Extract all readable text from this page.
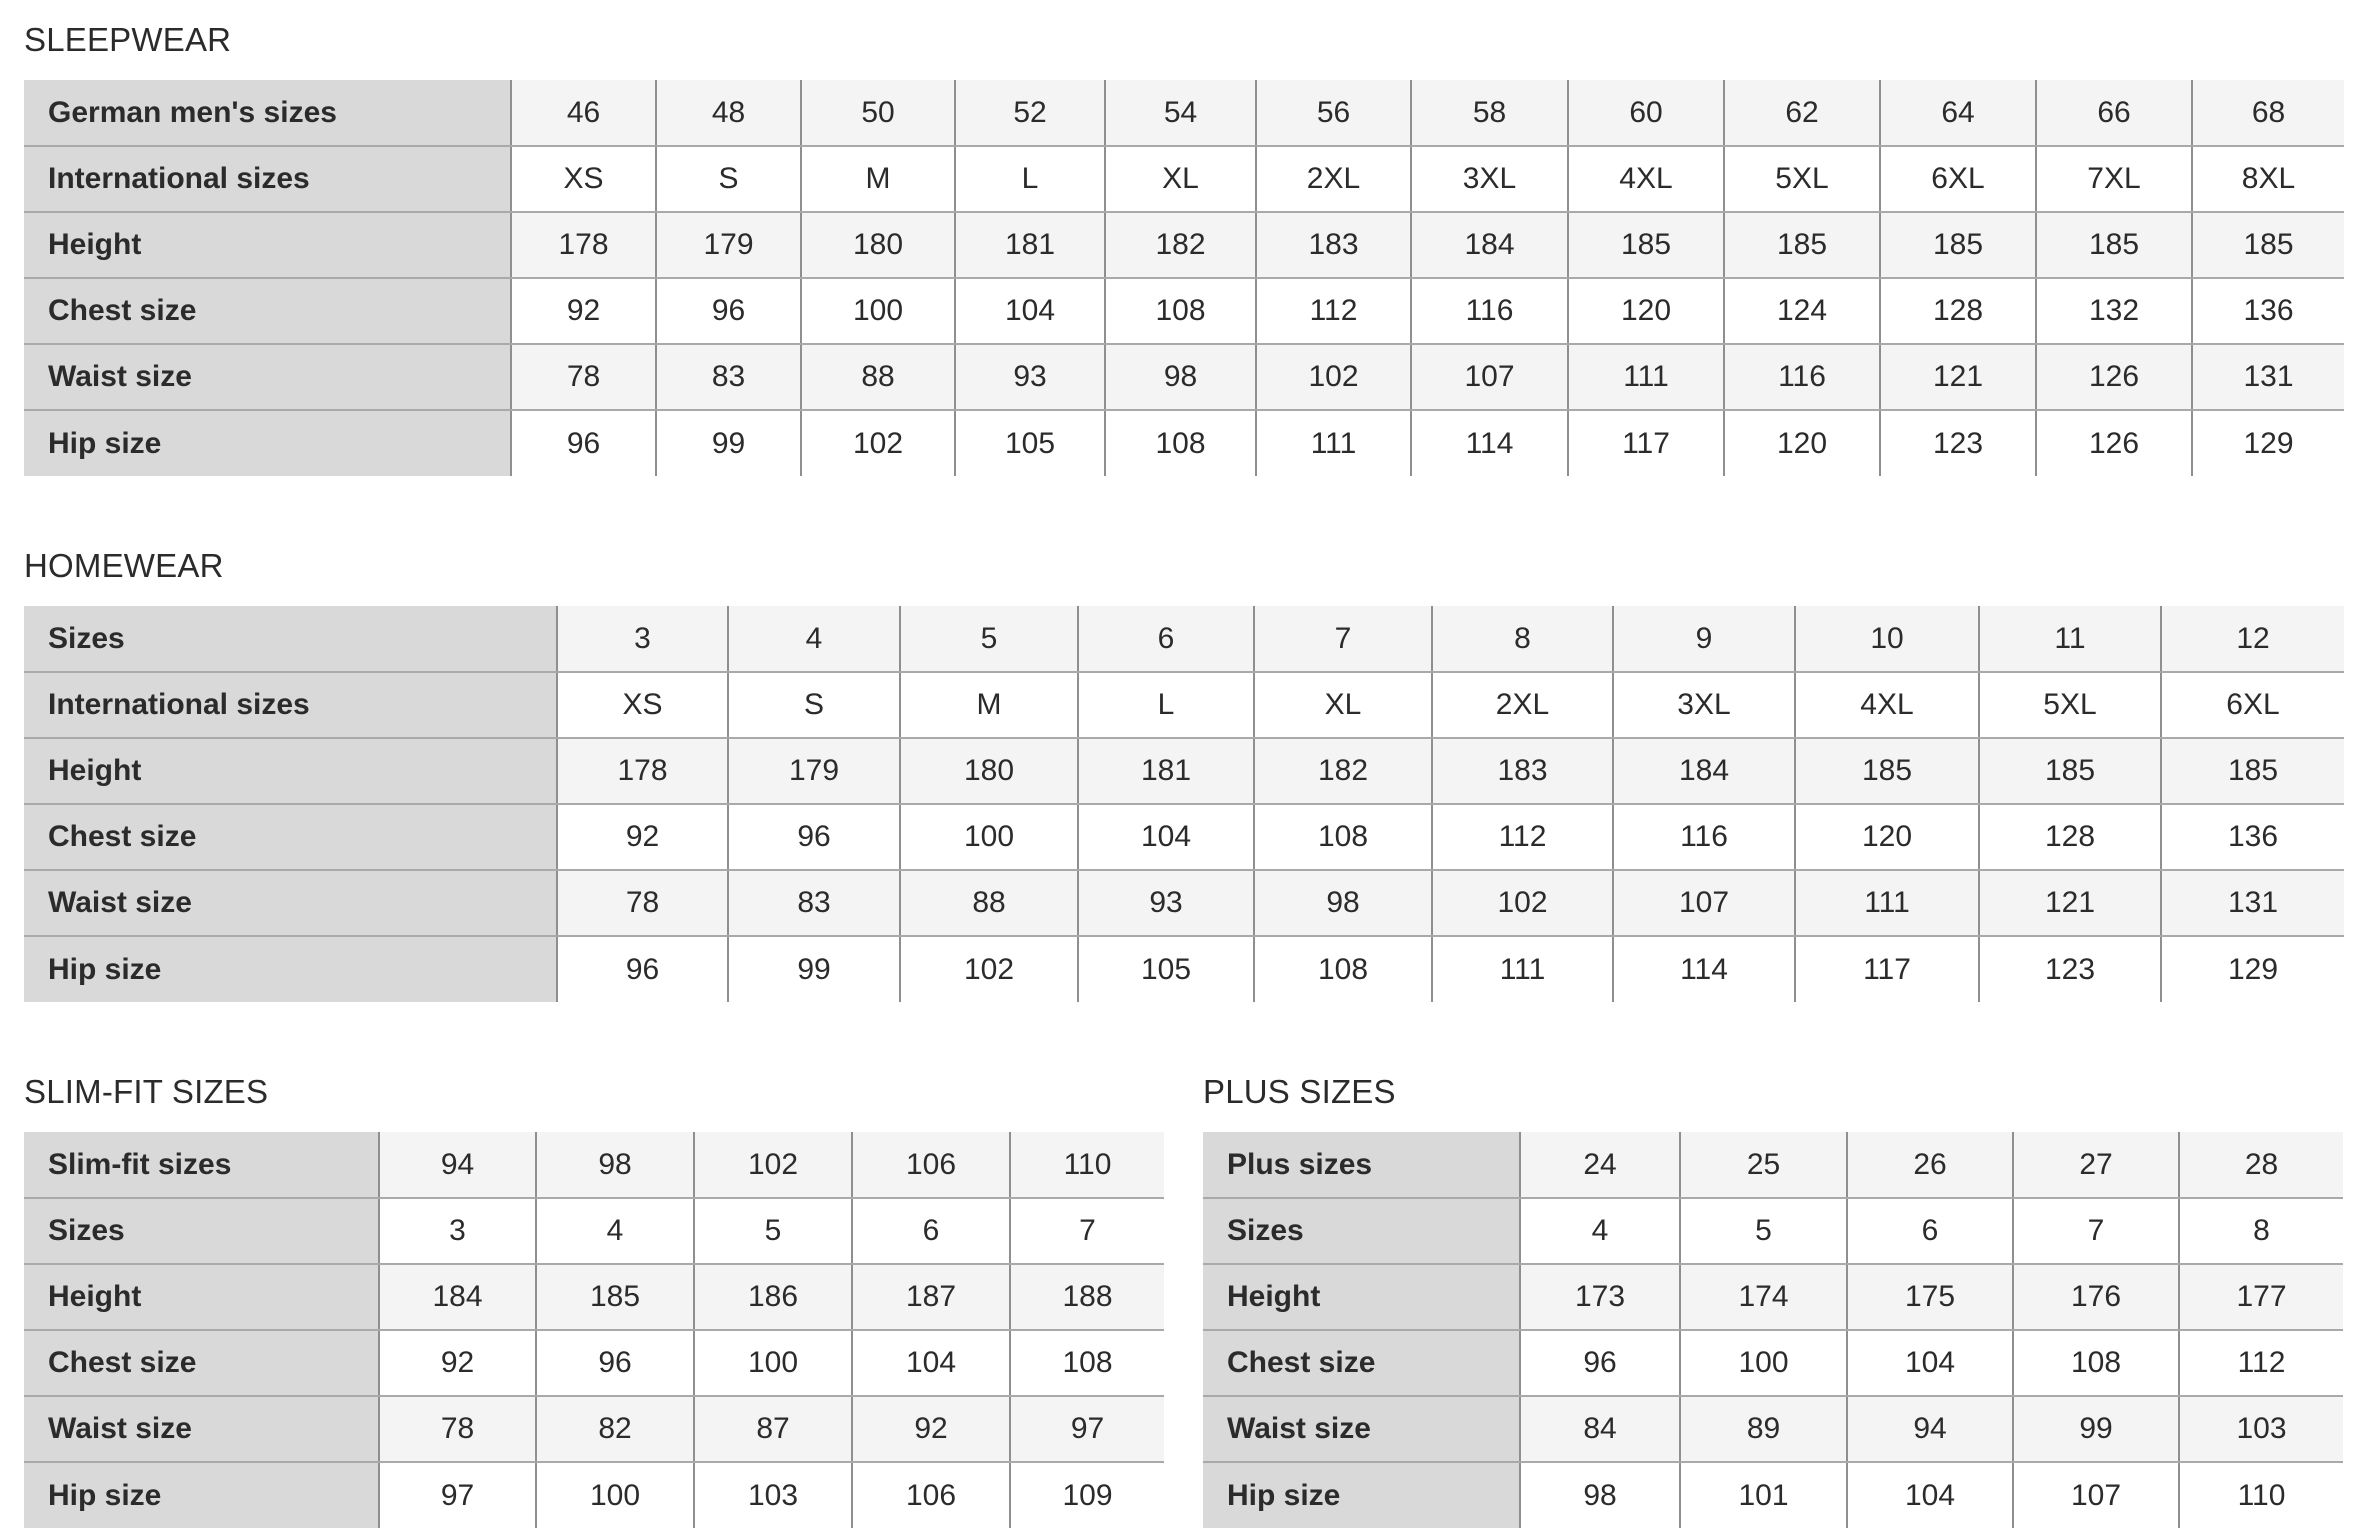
SLEEPWEAR
German men's sizes	46	48	50	52	54	56	58	60	62	64	66	68
International sizes	XS	S	M	L	XL	2XL	3XL	4XL	5XL	6XL	7XL	8XL
Height	178	179	180	181	182	183	184	185	185	185	185	185
Chest size	92	96	100	104	108	112	116	120	124	128	132	136
Waist size	78	83	88	93	98	102	107	111	116	121	126	131
Hip size	96	99	102	105	108	111	114	117	120	123	126	129
HOMEWEAR
Sizes	3	4	5	6	7	8	9	10	11	12
International sizes	XS	S	M	L	XL	2XL	3XL	4XL	5XL	6XL
Height	178	179	180	181	182	183	184	185	185	185
Chest size	92	96	100	104	108	112	116	120	128	136
Waist size	78	83	88	93	98	102	107	111	121	131
Hip size	96	99	102	105	108	111	114	117	123	129
SLIM-FIT SIZES
Slim-fit sizes	94	98	102	106	110
Sizes	3	4	5	6	7
Height	184	185	186	187	188
Chest size	92	96	100	104	108
Waist size	78	82	87	92	97
Hip size	97	100	103	106	109
PLUS SIZES
Plus sizes	24	25	26	27	28
Sizes	4	5	6	7	8
Height	173	174	175	176	177
Chest size	96	100	104	108	112
Waist size	84	89	94	99	103
Hip size	98	101	104	107	110
